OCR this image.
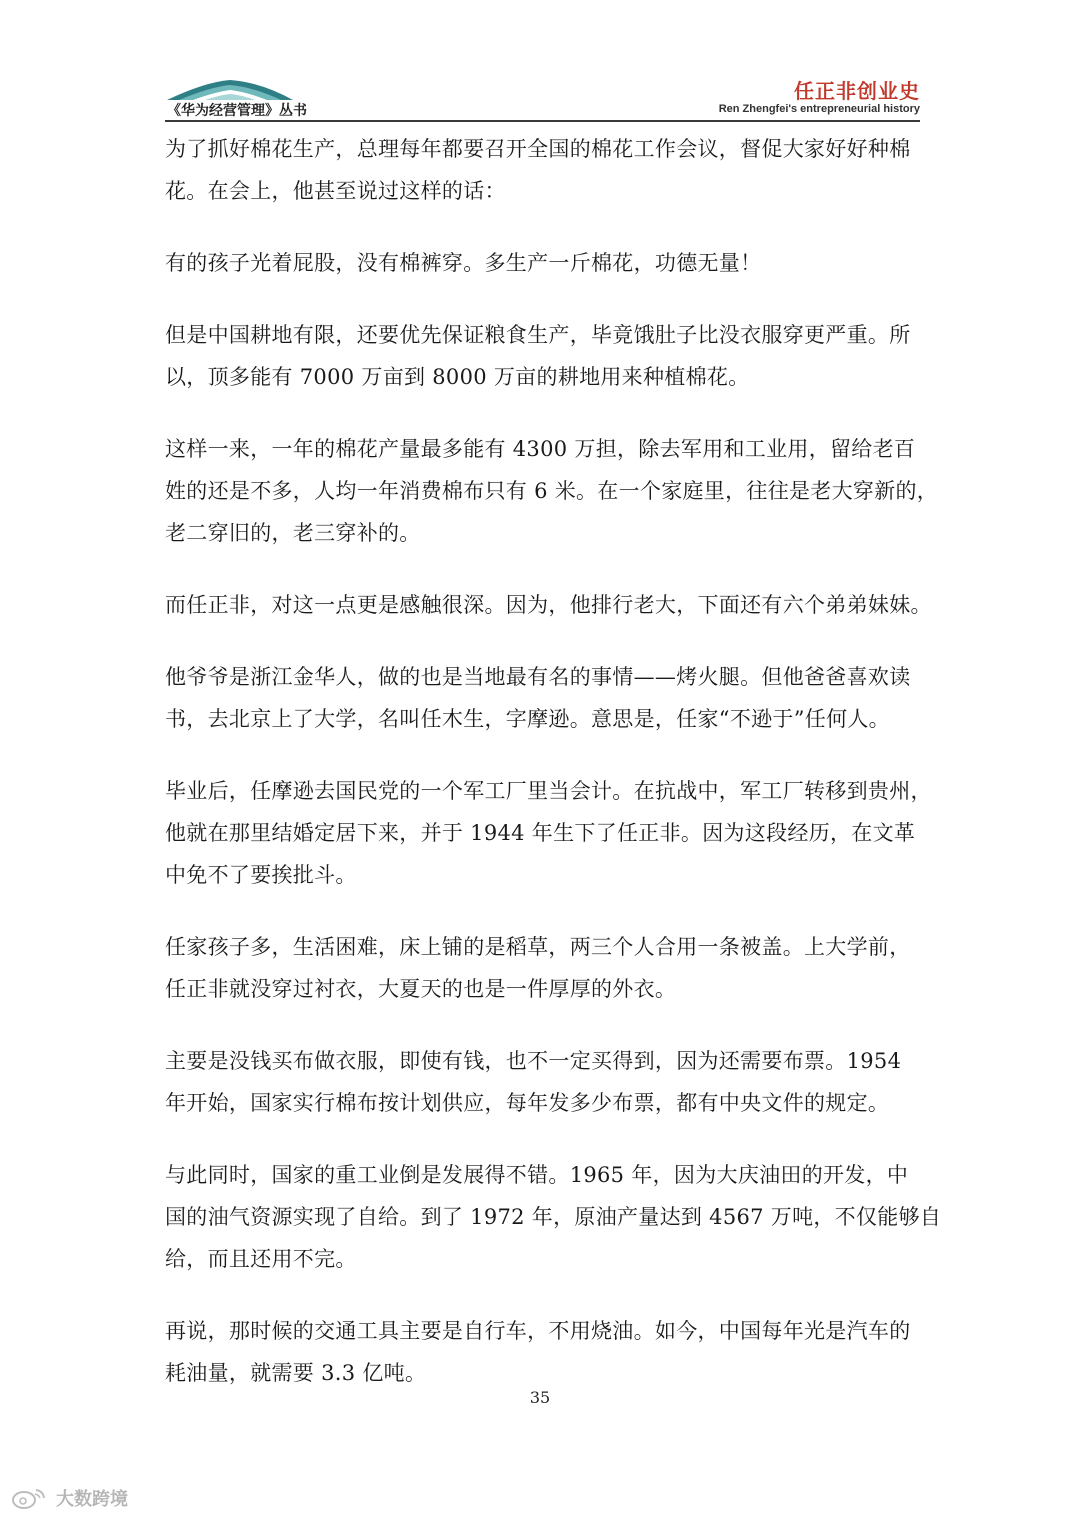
《华为经营管理》丛书
任正非创业史
Ren Zhengfei's entrepreneurial history

为了抓好棉花生产，总理每年都要召开全国的棉花工作会议，督促大家好好种棉
花。在会上，他甚至说过这样的话：

有的孩子光着屁股，没有棉裤穿。多生产一斤棉花，功德无量！

但是中国耕地有限，还要优先保证粮食生产，毕竟饿肚子比没衣服穿更严重。所
以，顶多能有 7000 万亩到 8000 万亩的耕地用来种植棉花。

这样一来，一年的棉花产量最多能有 4300 万担，除去军用和工业用，留给老百
姓的还是不多，人均一年消费棉布只有 6 米。在一个家庭里，往往是老大穿新的，
老二穿旧的，老三穿补的。

而任正非，对这一点更是感触很深。因为，他排行老大，下面还有六个弟弟妹妹。

他爷爷是浙江金华人，做的也是当地最有名的事情——烤火腿。但他爸爸喜欢读
书，去北京上了大学，名叫任木生，字摩逊。意思是，任家“不逊于”任何人。

毕业后，任摩逊去国民党的一个军工厂里当会计。在抗战中，军工厂转移到贵州，
他就在那里结婚定居下来，并于 1944 年生下了任正非。因为这段经历，在文革
中免不了要挨批斗。

任家孩子多，生活困难，床上铺的是稻草，两三个人合用一条被盖。上大学前，
任正非就没穿过衬衣，大夏天的也是一件厚厚的外衣。

主要是没钱买布做衣服，即使有钱，也不一定买得到，因为还需要布票。1954
年开始，国家实行棉布按计划供应，每年发多少布票，都有中央文件的规定。

与此同时，国家的重工业倒是发展得不错。1965 年，因为大庆油田的开发，中
国的油气资源实现了自给。到了 1972 年，原油产量达到 4567 万吨，不仅能够自
给，而且还用不完。

再说，那时候的交通工具主要是自行车，不用烧油。如今，中国每年光是汽车的
耗油量，就需要 3.3 亿吨。

35
大数跨境
